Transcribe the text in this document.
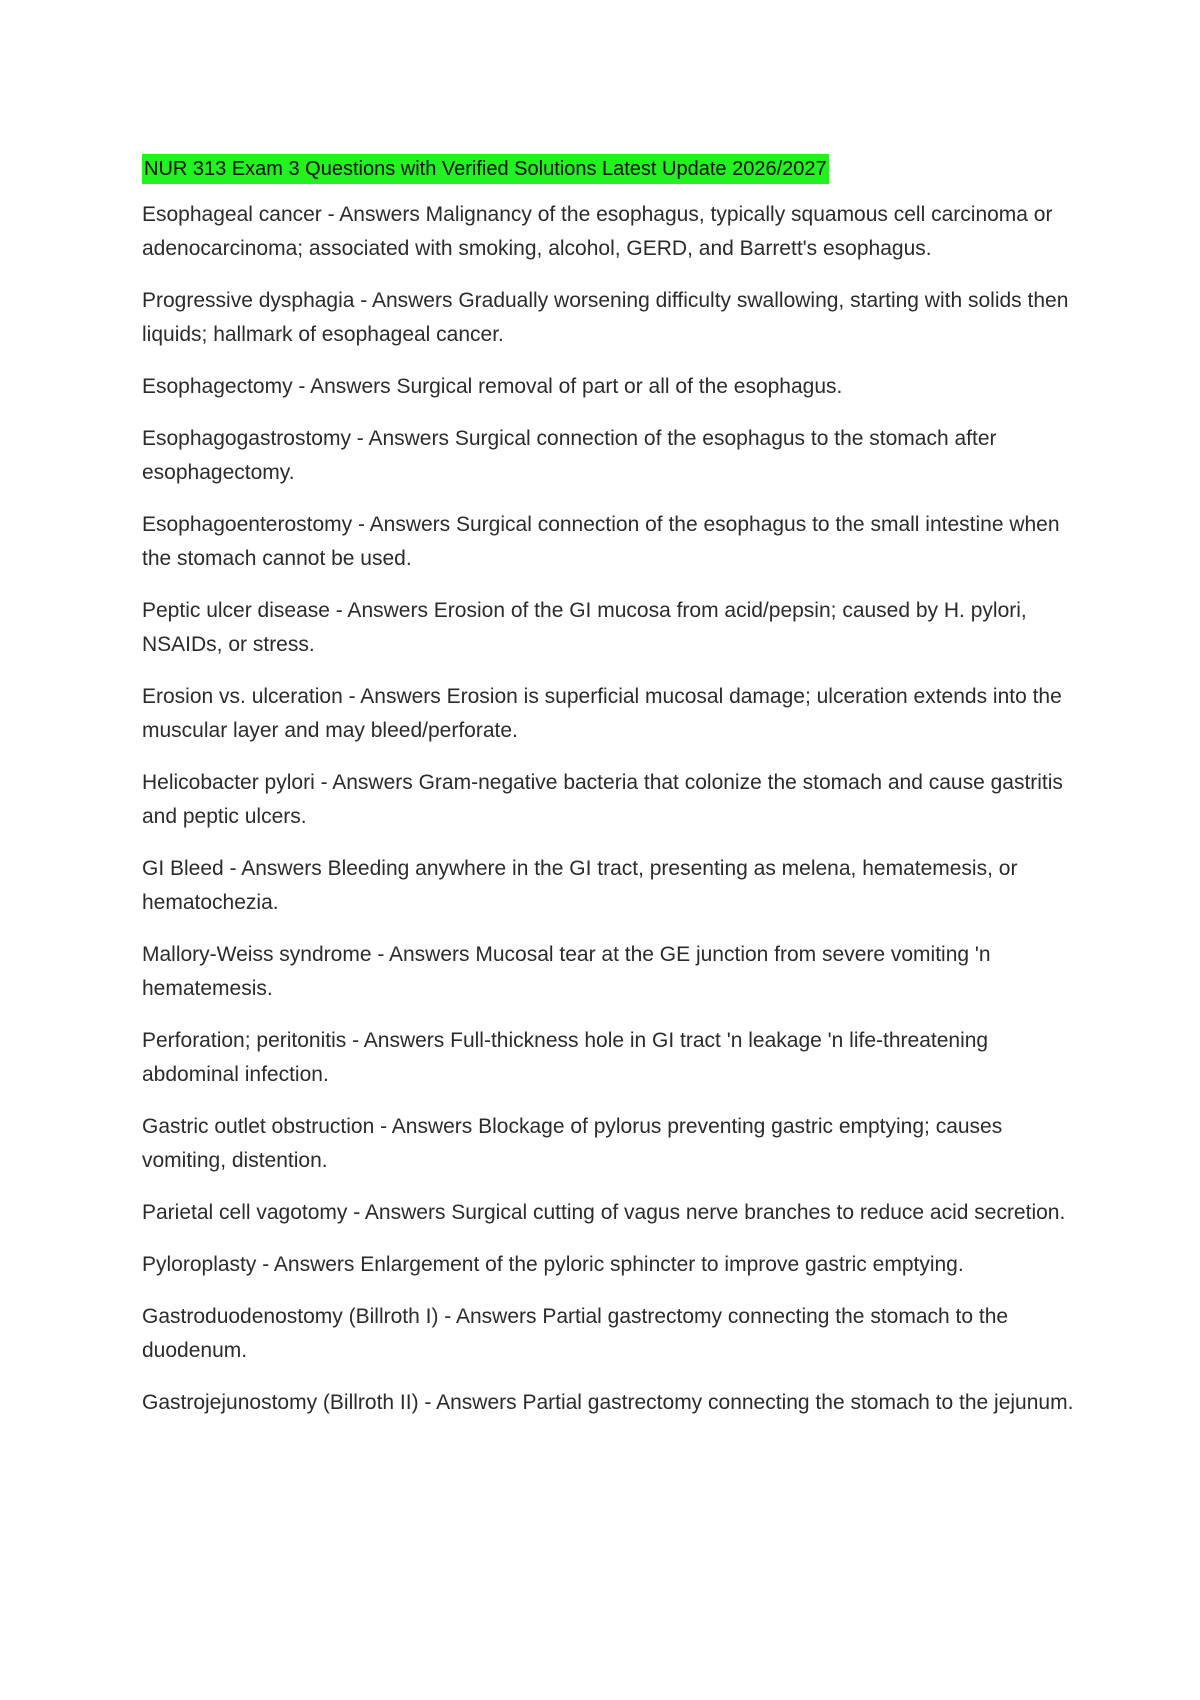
NUR 313 Exam 3 Questions with Verified Solutions Latest Update 2026/2027

Esophageal cancer - Answers Malignancy of the esophagus, typically squamous cell carcinoma or adenocarcinoma; associated with smoking, alcohol, GERD, and Barrett's esophagus.

Progressive dysphagia - Answers Gradually worsening difficulty swallowing, starting with solids then liquids; hallmark of esophageal cancer.

Esophagectomy - Answers Surgical removal of part or all of the esophagus.

Esophagogastrostomy - Answers Surgical connection of the esophagus to the stomach after esophagectomy.

Esophagoenterostomy - Answers Surgical connection of the esophagus to the small intestine when the stomach cannot be used.

Peptic ulcer disease - Answers Erosion of the GI mucosa from acid/pepsin; caused by H. pylori, NSAIDs, or stress.

Erosion vs. ulceration - Answers Erosion is superficial mucosal damage; ulceration extends into the muscular layer and may bleed/perforate.

Helicobacter pylori - Answers Gram-negative bacteria that colonize the stomach and cause gastritis and peptic ulcers.

GI Bleed - Answers Bleeding anywhere in the GI tract, presenting as melena, hematemesis, or hematochezia.

Mallory-Weiss syndrome - Answers Mucosal tear at the GE junction from severe vomiting 'n hematemesis.

Perforation; peritonitis - Answers Full-thickness hole in GI tract 'n leakage 'n life-threatening abdominal infection.

Gastric outlet obstruction - Answers Blockage of pylorus preventing gastric emptying; causes vomiting, distention.

Parietal cell vagotomy - Answers Surgical cutting of vagus nerve branches to reduce acid secretion.

Pyloroplasty - Answers Enlargement of the pyloric sphincter to improve gastric emptying.

Gastroduodenostomy (Billroth I) - Answers Partial gastrectomy connecting the stomach to the duodenum.

Gastrojejunostomy (Billroth II) - Answers Partial gastrectomy connecting the stomach to the jejunum.
